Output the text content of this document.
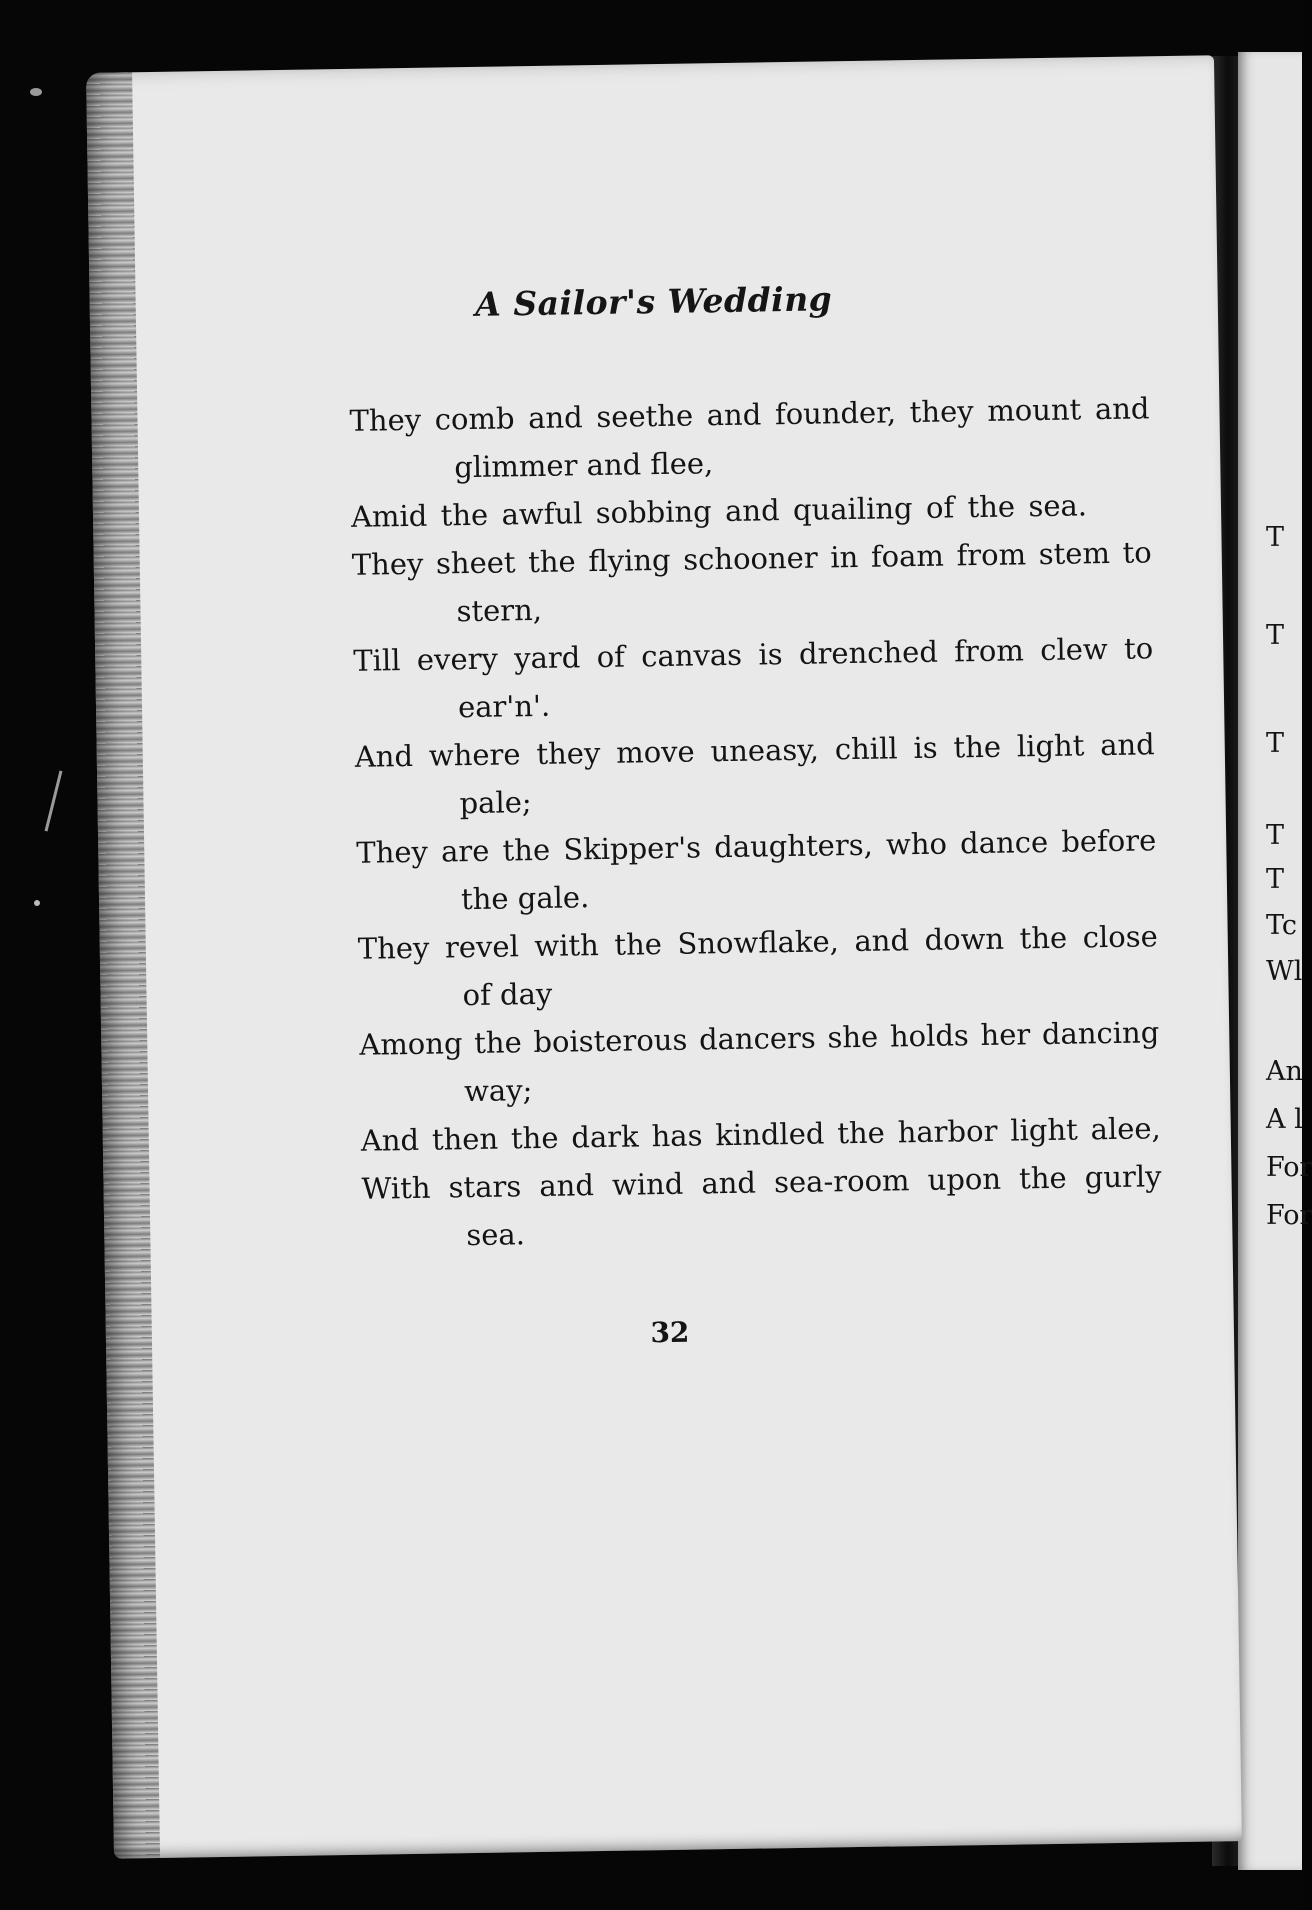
T
T
T
T
T
Tc
Wl
An
A l
For
For
A Sailor's Wedding
They comb and seethe and founder, they mount and
glimmer and flee,
Amid the awful sobbing and quailing of the sea.
They sheet the flying schooner in foam from stem to
stern,
Till every yard of canvas is drenched from clew to
ear'n'.
And where they move uneasy, chill is the light and
pale;
They are the Skipper's daughters, who dance before
the gale.
They revel with the Snowflake, and down the close
of day
Among the boisterous dancers she holds her dancing
way;
And then the dark has kindled the harbor light alee,
With stars and wind and sea-room upon the gurly
sea.
32
